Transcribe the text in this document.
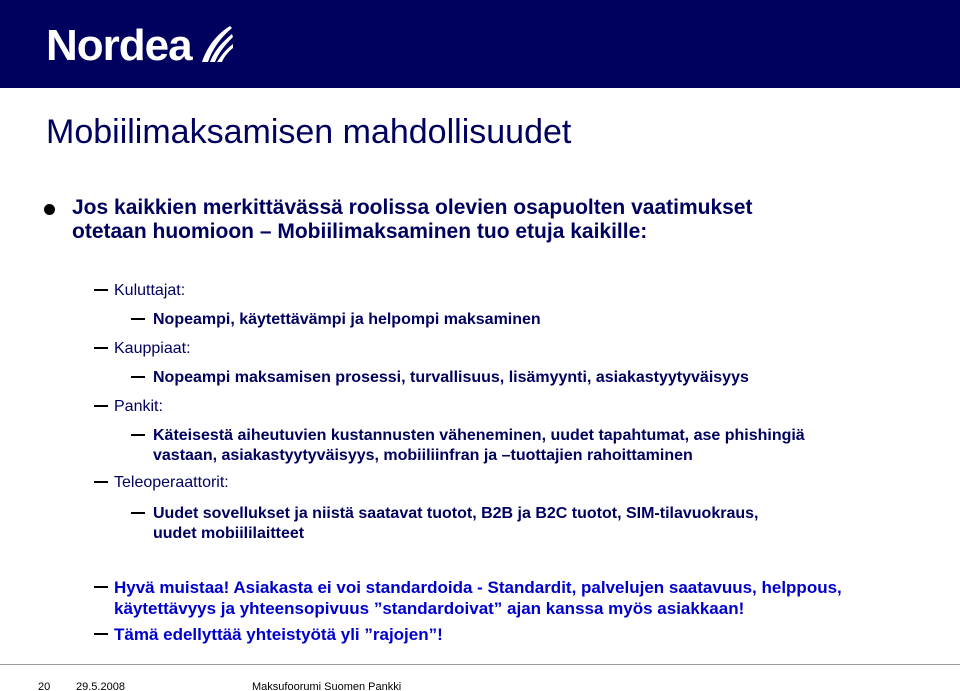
Nordea
Mobiilimaksamisen mahdollisuudet
Jos kaikkien merkittävässä roolissa olevien osapuolten vaatimukset
otetaan huomioon – Mobiilimaksaminen tuo etuja kaikille:
Kuluttajat:
Nopeampi, käytettävämpi ja helpompi maksaminen
Kauppiaat:
Nopeampi maksamisen prosessi, turvallisuus, lisämyynti, asiakastyytyväisyys
Pankit:
Käteisestä aiheutuvien kustannusten väheneminen, uudet tapahtumat, ase phishingiä
vastaan, asiakastyytyväisyys, mobiiliinfran ja –tuottajien rahoittaminen
Teleoperaattorit:
Uudet sovellukset ja niistä saatavat tuotot, B2B ja B2C tuotot, SIM-tilavuokraus,
uudet mobiililaitteet
Hyvä muistaa! Asiakasta ei voi standardoida - Standardit, palvelujen saatavuus, helppous,
käytettävyys ja yhteensopivuus ”standardoivat” ajan kanssa myös asiakkaan!
Tämä edellyttää yhteistyötä yli ”rajojen”!
20 29.5.2008	Maksufoorumi Suomen Pankki
